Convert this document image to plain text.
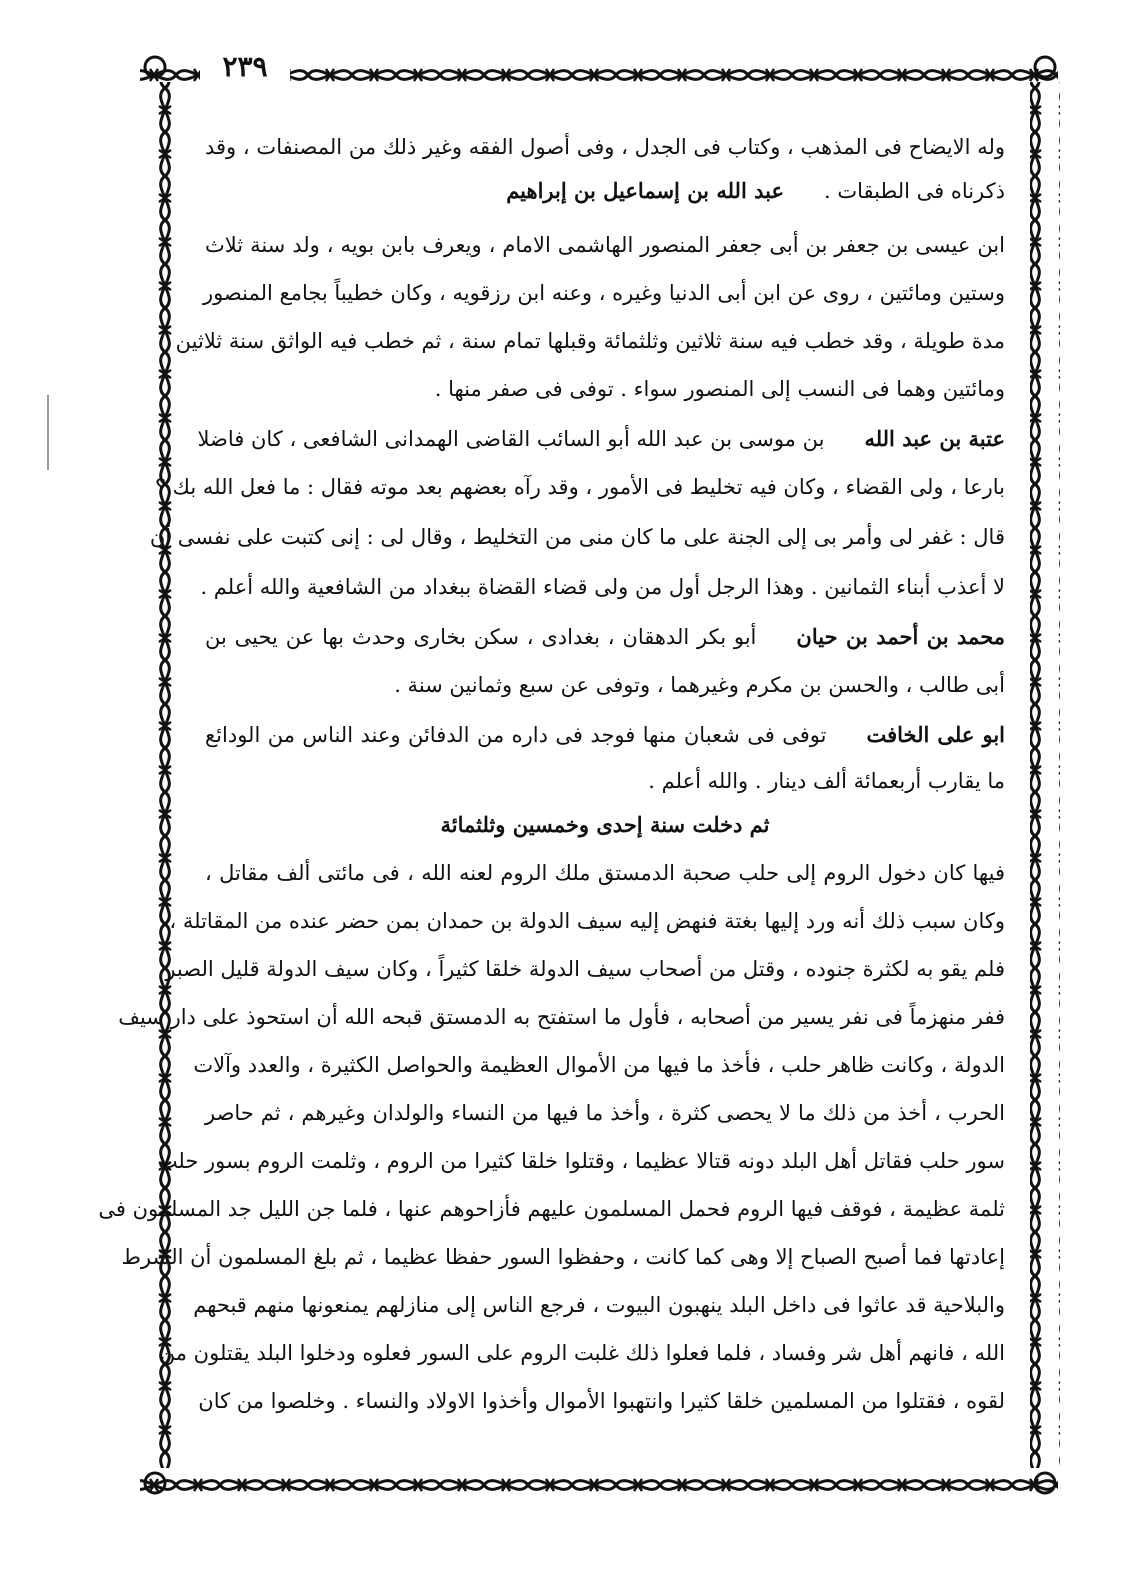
٢٣٩
وله الايضاح فى المذهب ، وكتاب فى الجدل ، وفى أصول الفقه وغير ذلك من المصنفات ، وقد
ذكرناه فى الطبقات .عبد الله بن إسماعيل بن إبراهيم
ابن عيسى بن جعفر بن أبى جعفر المنصور الهاشمى الامام ، ويعرف بابن بويه ، ولد سنة ثلاث
وستين ومائتين ، روى عن ابن أبى الدنيا وغيره ، وعنه ابن رزقويه ، وكان خطيباً بجامع المنصور
مدة طويلة ، وقد خطب فيه سنة ثلاثين وثلثمائة وقبلها تمام سنة ، ثم خطب فيه الواثق سنة ثلاثين
ومائتين وهما فى النسب إلى المنصور سواء . توفى فى صفر منها .
عتبة بن عبد اللهبن موسى بن عبد الله أبو السائب القاضى الهمدانى الشافعى ، كان فاضلا
بارعا ، ولى القضاء ، وكان فيه تخليط فى الأمور ، وقد رآه بعضهم بعد موته فقال : ما فعل الله بك ؟
قال : غفر لى وأمر بى إلى الجنة على ما كان منى من التخليط ، وقال لى : إنى كتبت على نفسى أن
لا أعذب أبناء الثمانين . وهذا الرجل أول من ولى قضاء القضاة ببغداد من الشافعية والله أعلم .
محمد بن أحمد بن حيانأبو بكر الدهقان ، بغدادى ، سكن بخارى وحدث بها عن يحيى بن
أبى طالب ، والحسن بن مكرم وغيرهما ، وتوفى عن سبع وثمانين سنة .
ابو على الخافتتوفى فى شعبان منها فوجد فى داره من الدفائن وعند الناس من الودائع
ما يقارب أربعمائة ألف دينار . والله أعلم .
ثم دخلت سنة إحدى وخمسين وثلثمائة
فيها كان دخول الروم إلى حلب صحبة الدمستق ملك الروم لعنه الله ، فى مائتى ألف مقاتل ،
وكان سبب ذلك أنه ورد إليها بغتة فنهض إليه سيف الدولة بن حمدان بمن حضر عنده من المقاتلة ،
فلم يقو به لكثرة جنوده ، وقتل من أصحاب سيف الدولة خلقا كثيراً ، وكان سيف الدولة قليل الصبر
ففر منهزماً فى نفر يسير من أصحابه ، فأول ما استفتح به الدمستق قبحه الله أن استحوذ على دار سيف
الدولة ، وكانت ظاهر حلب ، فأخذ ما فيها من الأموال العظيمة والحواصل الكثيرة ، والعدد وآلات
الحرب ، أخذ من ذلك ما لا يحصى كثرة ، وأخذ ما فيها من النساء والولدان وغيرهم ، ثم حاصر
سور حلب فقاتل أهل البلد دونه قتالا عظيما ، وقتلوا خلقا كثيرا من الروم ، وثلمت الروم بسور حلب
ثلمة عظيمة ، فوقف فيها الروم فحمل المسلمون عليهم فأزاحوهم عنها ، فلما جن الليل جد المسلمون فى
إعادتها فما أصبح الصباح إلا وهى كما كانت ، وحفظوا السور حفظا عظيما ، ثم بلغ المسلمون أن الشرط
والبلاحية قد عاثوا فى داخل البلد ينهبون البيوت ، فرجع الناس إلى منازلهم يمنعونها منهم قبحهم
الله ، فانهم أهل شر وفساد ، فلما فعلوا ذلك غلبت الروم على السور فعلوه ودخلوا البلد يقتلون من
لقوه ، فقتلوا من المسلمين خلقا كثيرا وانتهبوا الأموال وأخذوا الاولاد والنساء . وخلصوا من كان
